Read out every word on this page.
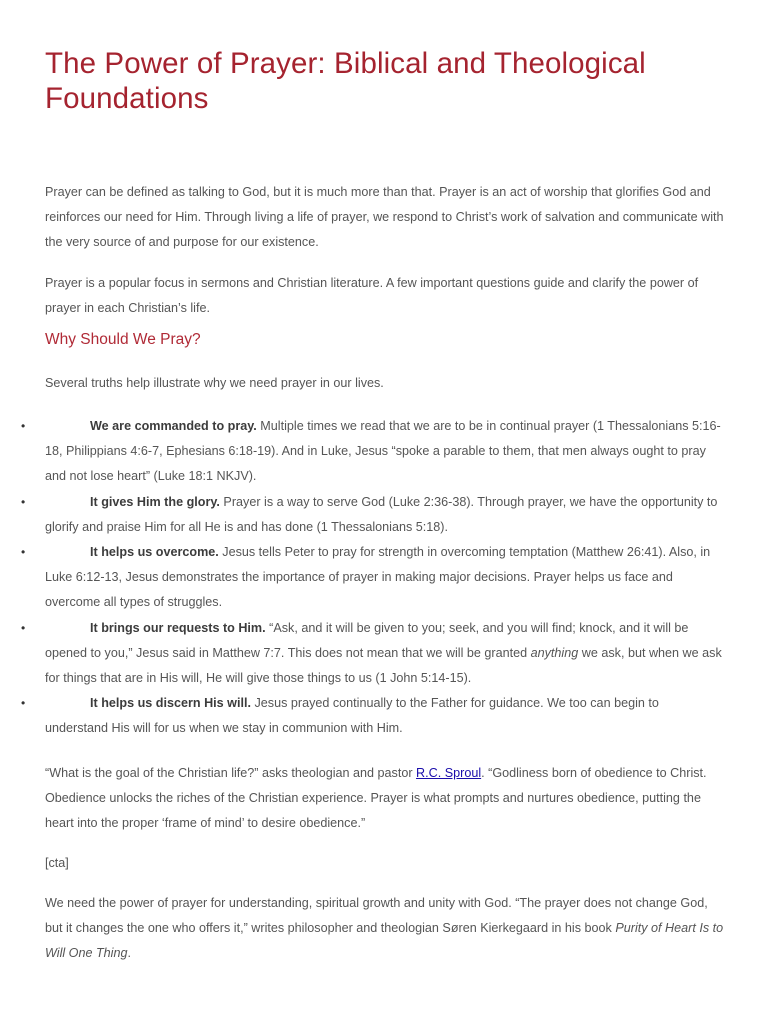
The Power of Prayer: Biblical and Theological Foundations

Prayer can be defined as talking to God, but it is much more than that. Prayer is an act of worship that glorifies God and reinforces our need for Him. Through living a life of prayer, we respond to Christ’s work of salvation and communicate with the very source of and purpose for our existence.

Prayer is a popular focus in sermons and Christian literature. A few important questions guide and clarify the power of prayer in each Christian’s life.

Why Should We Pray?

Several truths help illustrate why we need prayer in our lives.

•	We are commanded to pray. Multiple times we read that we are to be in continual prayer (1 Thessalonians 5:16-18, Philippians 4:6-7, Ephesians 6:18-19). And in Luke, Jesus “spoke a parable to them, that men always ought to pray and not lose heart” (Luke 18:1 NKJV).
•	It gives Him the glory. Prayer is a way to serve God (Luke 2:36-38). Through prayer, we have the opportunity to glorify and praise Him for all He is and has done (1 Thessalonians 5:18).
•	It helps us overcome. Jesus tells Peter to pray for strength in overcoming temptation (Matthew 26:41). Also, in Luke 6:12-13, Jesus demonstrates the importance of prayer in making major decisions. Prayer helps us face and overcome all types of struggles.
•	It brings our requests to Him. “Ask, and it will be given to you; seek, and you will find; knock, and it will be opened to you,” Jesus said in Matthew 7:7. This does not mean that we will be granted anything we ask, but when we ask for things that are in His will, He will give those things to us (1 John 5:14-15).
•	It helps us discern His will. Jesus prayed continually to the Father for guidance. We too can begin to understand His will for us when we stay in communion with Him.

“What is the goal of the Christian life?” asks theologian and pastor R.C. Sproul. “Godliness born of obedience to Christ. Obedience unlocks the riches of the Christian experience. Prayer is what prompts and nurtures obedience, putting the heart into the proper ‘frame of mind’ to desire obedience.”

[cta]

We need the power of prayer for understanding, spiritual growth and unity with God. “The prayer does not change God, but it changes the one who offers it,” writes philosopher and theologian Søren Kierkegaard in his book Purity of Heart Is to Will One Thing.
